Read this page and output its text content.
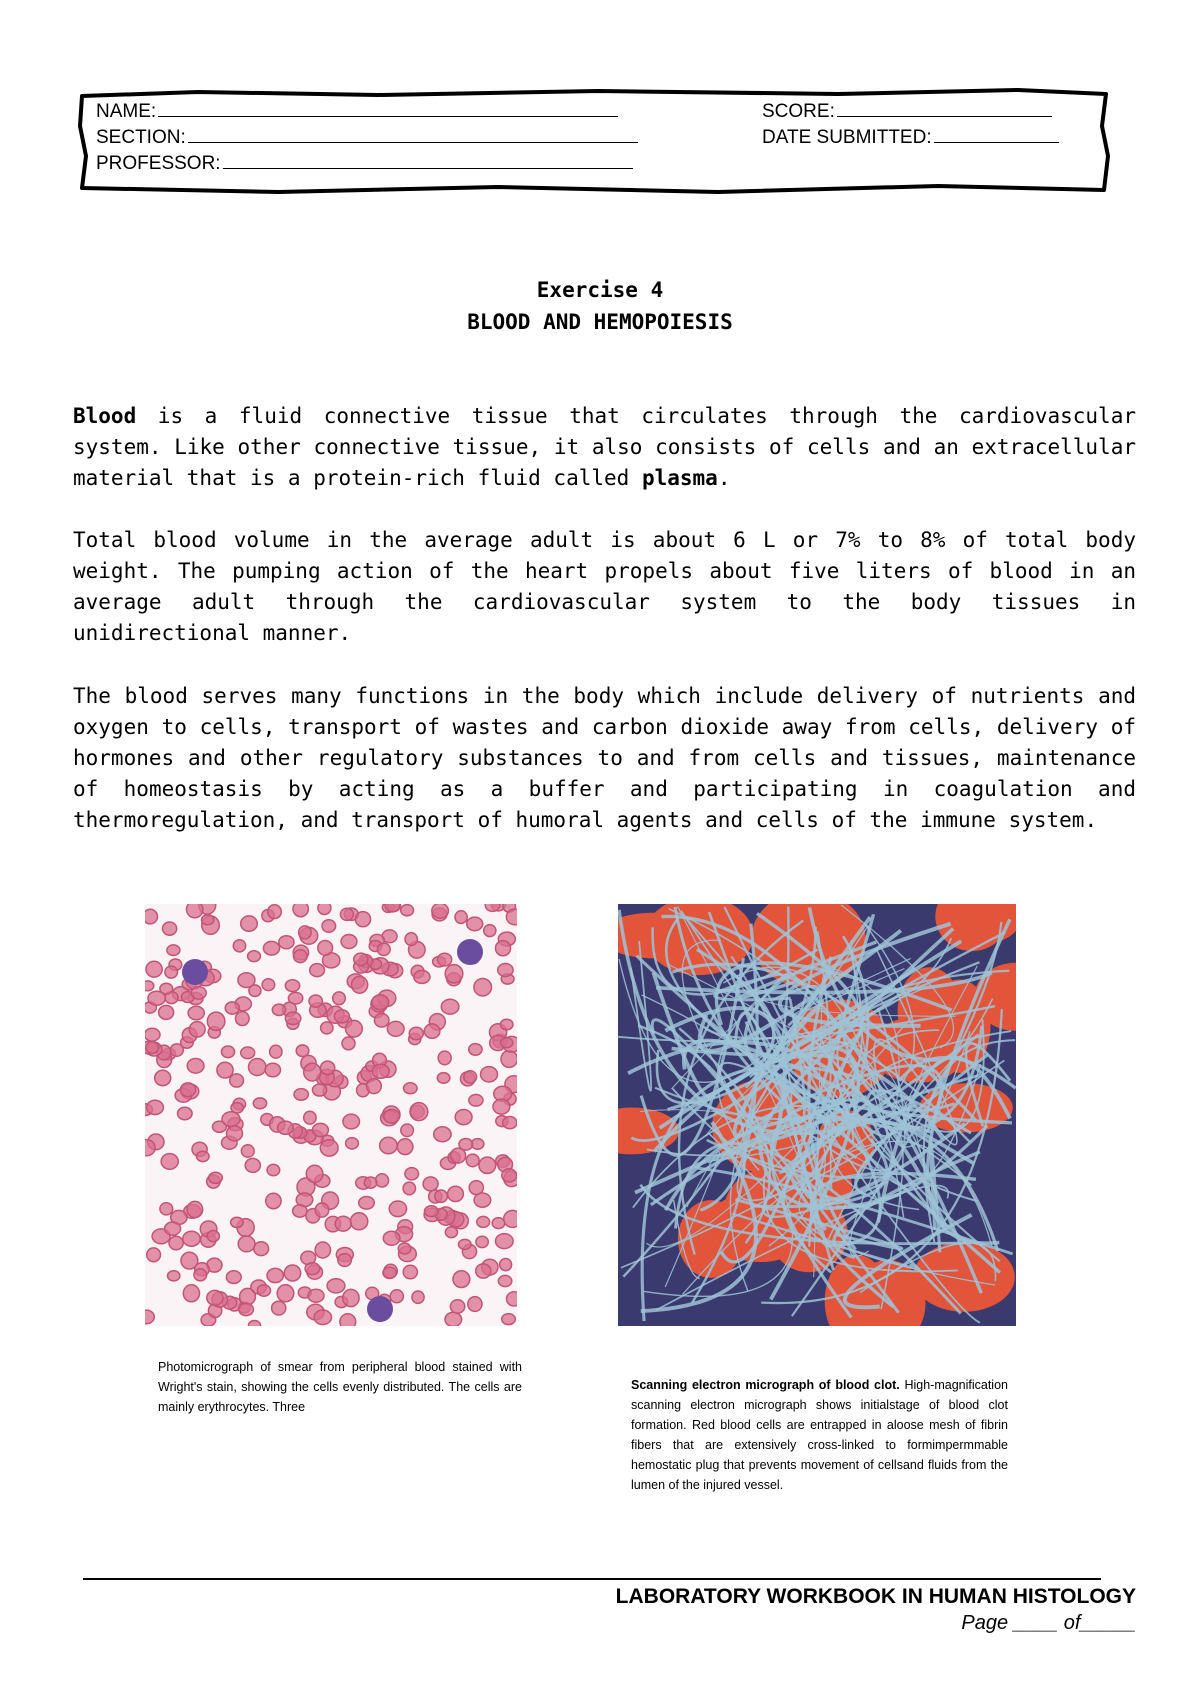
NAME:
SECTION:
PROFESSOR:
SCORE:
DATE SUBMITTED:
Exercise 4
BLOOD AND HEMOPOIESIS
Blood is a fluid connective tissue that circulates through the cardiovascular system. Like other connective tissue, it also consists of cells and an extracellular material that is a protein-rich fluid called plasma.
Total blood volume in the average adult is about 6 L or 7% to 8% of total body weight. The pumping action of the heart propels about five liters of blood in an average adult through the cardiovascular system to the body tissues in unidirectional manner.
The blood serves many functions in the body which include delivery of nutrients and oxygen to cells, transport of wastes and carbon dioxide away from cells, delivery of hormones and other regulatory substances to and from cells and tissues, maintenance of homeostasis by acting as a buffer and participating in coagulation and thermoregulation, and transport of humoral agents and cells of the immune system.
Photomicrograph of smear from peripheral blood stained with Wright's stain, showing the cells evenly distributed. The cells are mainly erythrocytes. Three
Scanning electron micrograph of blood clot. High-magnification scanning electron micrograph shows initialstage of blood clot formation. Red blood cells are entrapped in aloose mesh of fibrin fibers that are extensively cross-linked to formimpermmable hemostatic plug that prevents movement of cellsand fluids from the lumen of the injured vessel.
LABORATORY WORKBOOK IN HUMAN HISTOLOGY
Page ____ of_____
